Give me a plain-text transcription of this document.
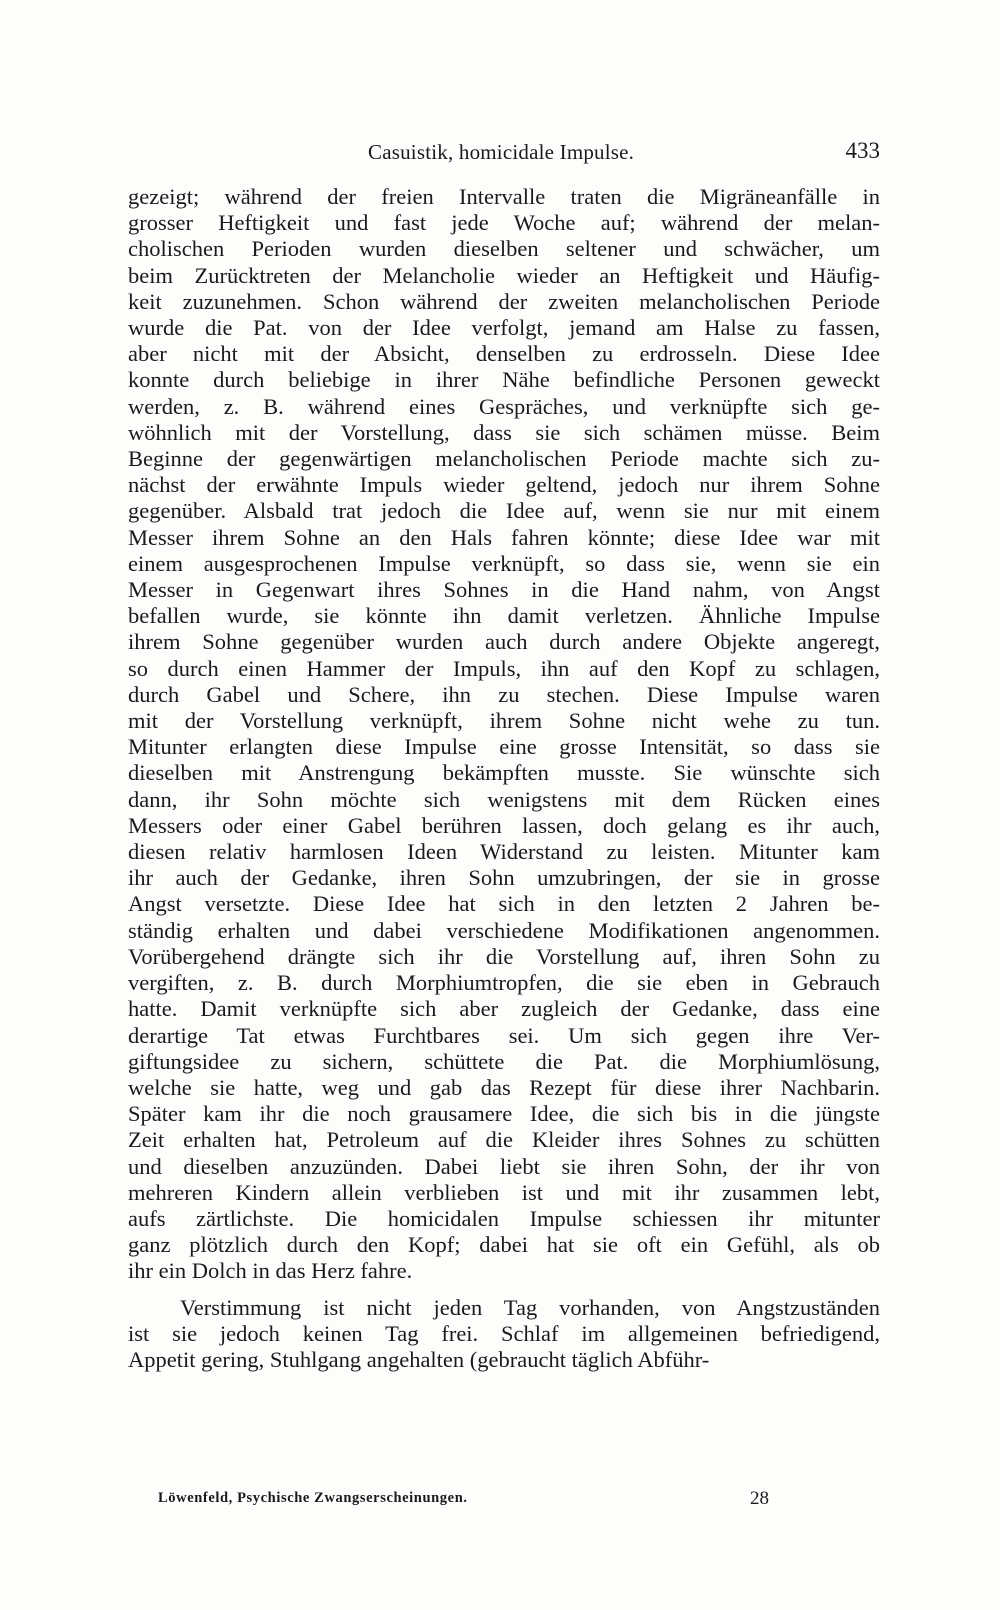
Casuistik, homicidale Impulse.	433

gezeigt; während der freien Intervalle traten die Migräneanfälle in
grosser Heftigkeit und fast jede Woche auf; während der melan-
cholischen Perioden wurden dieselben seltener und schwächer, um
beim Zurücktreten der Melancholie wieder an Heftigkeit und Häufig-
keit zuzunehmen. Schon während der zweiten melancholischen Periode
wurde die Pat. von der Idee verfolgt, jemand am Halse zu fassen,
aber nicht mit der Absicht, denselben zu erdrosseln. Diese Idee
konnte durch beliebige in ihrer Nähe befindliche Personen geweckt
werden, z. B. während eines Gespräches, und verknüpfte sich ge-
wöhnlich mit der Vorstellung, dass sie sich schämen müsse. Beim
Beginne der gegenwärtigen melancholischen Periode machte sich zu-
nächst der erwähnte Impuls wieder geltend, jedoch nur ihrem Sohne
gegenüber. Alsbald trat jedoch die Idee auf, wenn sie nur mit einem
Messer ihrem Sohne an den Hals fahren könnte; diese Idee war mit
einem ausgesprochenen Impulse verknüpft, so dass sie, wenn sie ein
Messer in Gegenwart ihres Sohnes in die Hand nahm, von Angst
befallen wurde, sie könnte ihn damit verletzen. Ähnliche Impulse
ihrem Sohne gegenüber wurden auch durch andere Objekte angeregt,
so durch einen Hammer der Impuls, ihn auf den Kopf zu schlagen,
durch Gabel und Schere, ihn zu stechen. Diese Impulse waren
mit der Vorstellung verknüpft, ihrem Sohne nicht wehe zu tun.
Mitunter erlangten diese Impulse eine grosse Intensität, so dass sie
dieselben mit Anstrengung bekämpften musste. Sie wünschte sich
dann, ihr Sohn möchte sich wenigstens mit dem Rücken eines
Messers oder einer Gabel berühren lassen, doch gelang es ihr auch,
diesen relativ harmlosen Ideen Widerstand zu leisten. Mitunter kam
ihr auch der Gedanke, ihren Sohn umzubringen, der sie in grosse
Angst versetzte. Diese Idee hat sich in den letzten 2 Jahren be-
ständig erhalten und dabei verschiedene Modifikationen angenommen.
Vorübergehend drängte sich ihr die Vorstellung auf, ihren Sohn zu
vergiften, z. B. durch Morphiumtropfen, die sie eben in Gebrauch
hatte. Damit verknüpfte sich aber zugleich der Gedanke, dass eine
derartige Tat etwas Furchtbares sei. Um sich gegen ihre Ver-
giftungsidee zu sichern, schüttete die Pat. die Morphiumlösung,
welche sie hatte, weg und gab das Rezept für diese ihrer Nachbarin.
Später kam ihr die noch grausamere Idee, die sich bis in die jüngste
Zeit erhalten hat, Petroleum auf die Kleider ihres Sohnes zu schütten
und dieselben anzuzünden. Dabei liebt sie ihren Sohn, der ihr von
mehreren Kindern allein verblieben ist und mit ihr zusammen lebt,
aufs zärtlichste. Die homicidalen Impulse schiessen ihr mitunter
ganz plötzlich durch den Kopf; dabei hat sie oft ein Gefühl, als ob
ihr ein Dolch in das Herz fahre.

Verstimmung ist nicht jeden Tag vorhanden, von Angstzuständen
ist sie jedoch keinen Tag frei. Schlaf im allgemeinen befriedigend,
Appetit gering, Stuhlgang angehalten (gebraucht täglich Abführ-

Löwenfeld, Psychische Zwangserscheinungen.	28
